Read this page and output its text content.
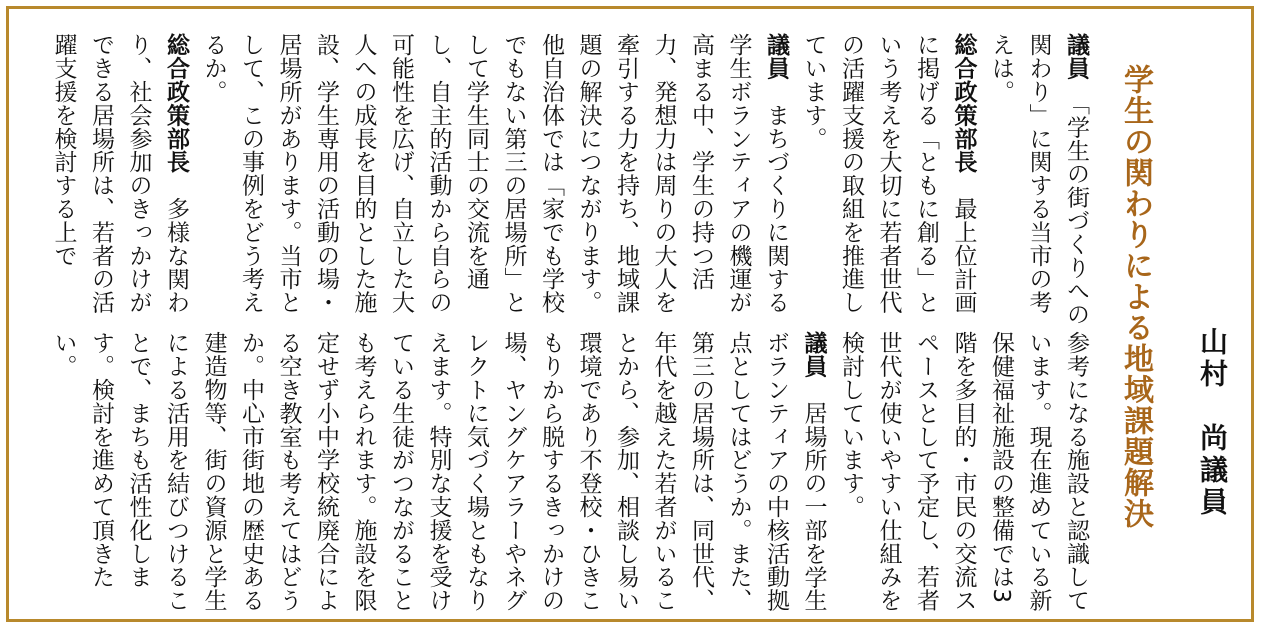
学生の関わりによる地域課題解決	山村　尚議員
議員　「学生の街づくりへの関わり」に関する当市の考えは。
総合政策部長　最上位計画に掲げる「ともに創る」という考えを大切に若者世代の活躍支援の取組を推進しています。
議員　まちづくりに関する学生ボランティアの機運が高まる中、学生の持つ活力、発想力は周りの大人を牽引する力を持ち、地域課題の解決につながります。他自治体では「家でも学校でもない第三の居場所」として学生同士の交流を通し、自主的活動から自らの可能性を広げ、自立した大人への成長を目的とした施設、学生専用の活動の場・居場所があります。当市として、この事例をどう考えるか。
総合政策部長　多様な関わり、社会参加のきっかけができる居場所は、若者の活躍支援を検討する上で
参考になる施設と認識しています。現在進めている新保健福祉施設の整備では3階を多目的・市民の交流スペースとして予定し、若者世代が使いやすい仕組みを検討しています。
議員　居場所の一部を学生ボランティアの中核活動拠点としてはどうか。また、第三の居場所は、同世代、年代を越えた若者がいることから、参加、相談し易い環境であり不登校・ひきこもりから脱するきっかけの場、ヤングケアラーやネグレクトに気づく場ともなりえます。特別な支援を受けている生徒がつながることも考えられます。施設を限定せず小中学校統廃合による空き教室も考えてはどうか。中心市街地の歴史ある建造物等、街の資源と学生による活用を結びつけることで、まちも活性化します。検討を進めて頂きたい。
